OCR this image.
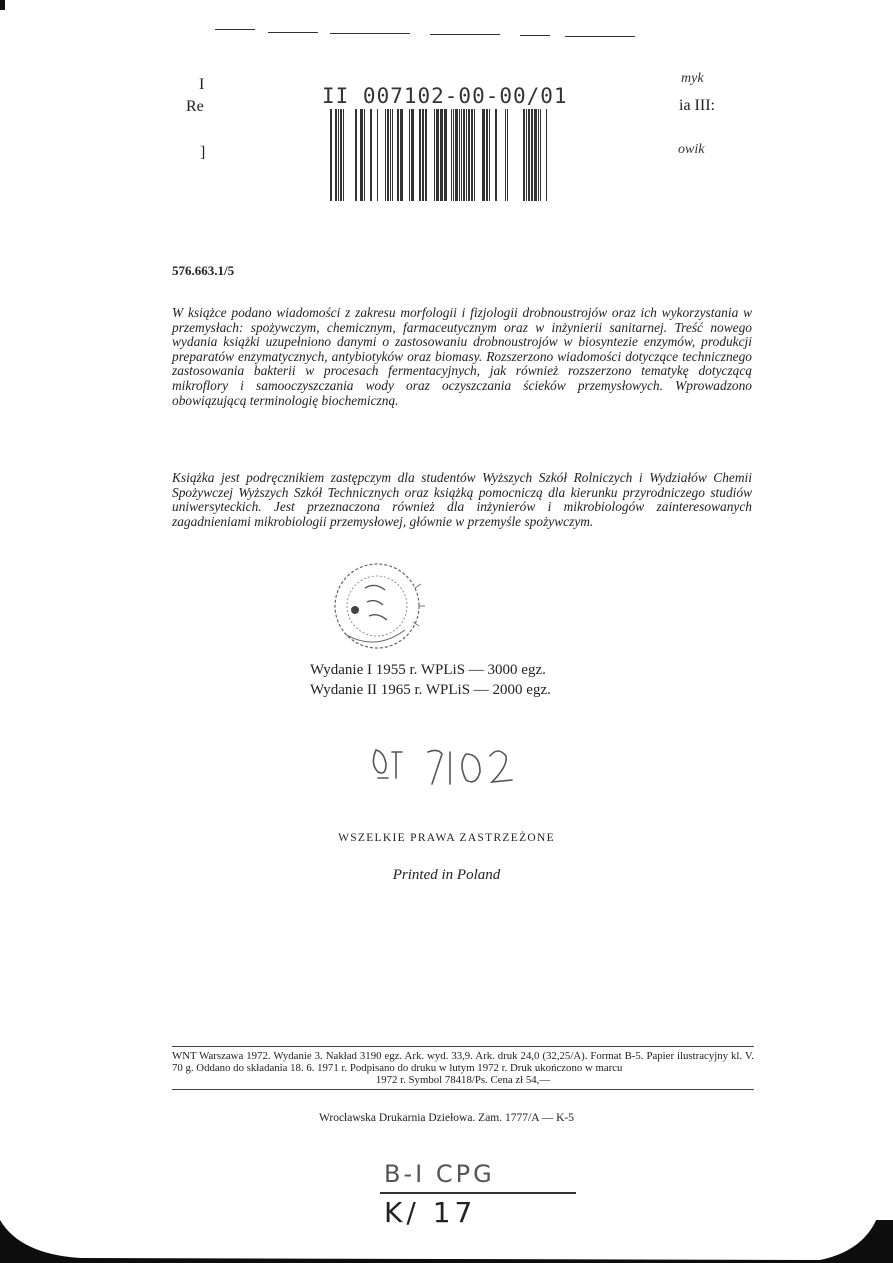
I
Re
]
myk
ia III:
owik
II 007102-00-00/01
576.663.1/5
W książce podano wiadomości z zakresu morfologii i fizjologii drobnoustrojów oraz ich wykorzystania w przemysłach: spożywczym, chemicznym, farmaceutycznym oraz w inżynierii sanitarnej. Treść nowego wydania książki uzupełniono danymi o zastosowaniu drobnoustrojów w biosyntezie enzymów, produkcji preparatów enzymatycznych, antybiotyków oraz biomasy. Rozszerzono wiadomości dotyczące technicznego zastosowania bakterii w procesach fermentacyjnych, jak również rozszerzono tematykę dotyczącą mikroflory i samooczyszczania wody oraz oczyszczania ścieków przemysłowych. Wprowadzono obowiązującą terminologię biochemiczną.
Książka jest podręcznikiem zastępczym dla studentów Wyższych Szkół Rolniczych i Wydziałów Chemii Spożywczej Wyższych Szkół Technicznych oraz książką pomocniczą dla kierunku przyrodniczego studiów uniwersyteckich. Jest przeznaczona również dla inżynierów i mikrobiologów zainteresowanych zagadnieniami mikrobiologii przemysłowej, głównie w przemyśle spożywczym.
Wydanie I 1955 r. WPLiS — 3000 egz.
Wydanie II 1965 r. WPLiS — 2000 egz.
WSZELKIE PRAWA ZASTRZEŻONE
Printed in Poland
WNT Warszawa 1972. Wydanie 3. Nakład 3190 egz. Ark. wyd. 33,9. Ark. druk 24,0 (32,25/A). Format B-5. Papier ilustracyjny kl. V. 70 g. Oddano do składania 18. 6. 1971 r. Podpisano do druku w lutym 1972 r. Druk ukończono w marcu
1972 r. Symbol 78418/Ps. Cena zł 54,—
Wrocławska Drukarnia Dziełowa. Zam. 1777/A — K-5
B-I CPG
K/ 17
